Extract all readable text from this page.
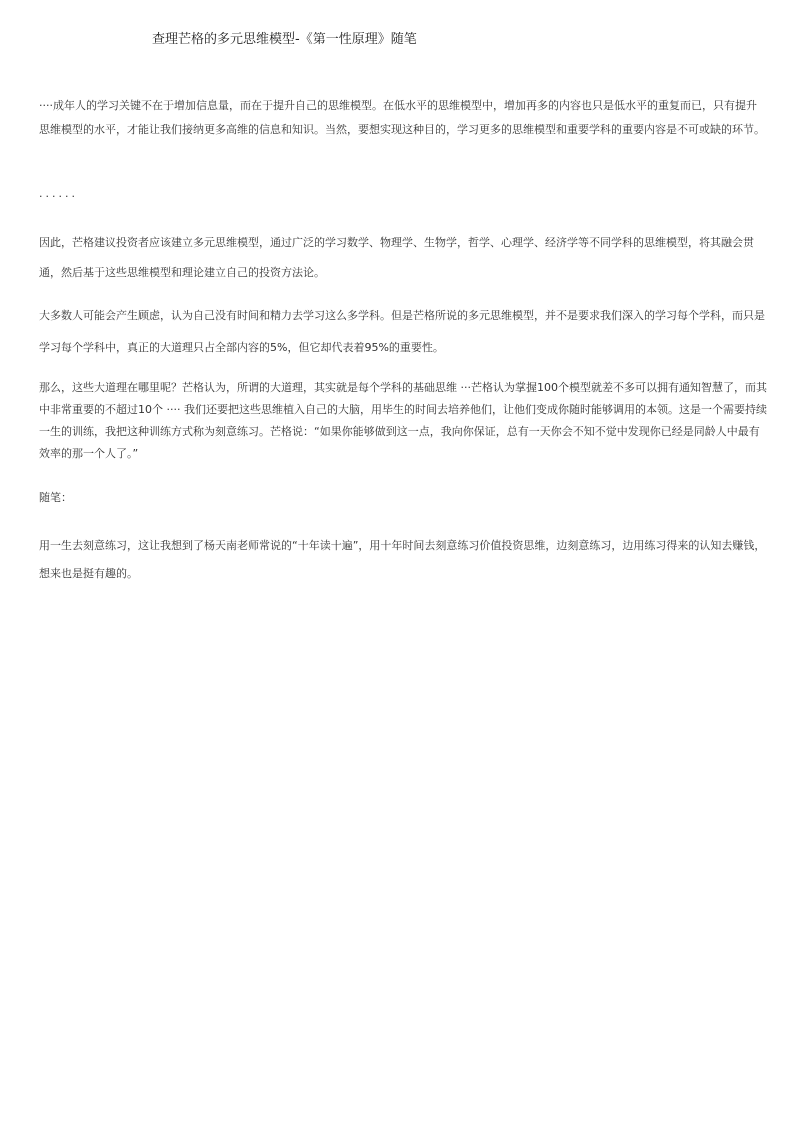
查理芒格的多元思维模型-《第一性原理》随笔

····成年人的学习关键不在于增加信息量，而在于提升自己的思维模型。在低水平的思维模型中，增加再多的内容也只是低水平的重复而已，只有提升思维模型的水平，才能让我们接纳更多高维的信息和知识。当然，要想实现这种目的，学习更多的思维模型和重要学科的重要内容是不可或缺的环节。

······

因此，芒格建议投资者应该建立多元思维模型，通过广泛的学习数学、物理学、生物学，哲学、心理学、经济学等不同学科的思维模型，将其融会贯通，然后基于这些思维模型和理论建立自己的投资方法论。

大多数人可能会产生顾虑，认为自己没有时间和精力去学习这么多学科。但是芒格所说的多元思维模型，并不是要求我们深入的学习每个学科，而只是学习每个学科中，真正的大道理只占全部内容的5%，但它却代表着95%的重要性。

那么，这些大道理在哪里呢？芒格认为，所谓的大道理，其实就是每个学科的基础思维 ···芒格认为掌握100个模型就差不多可以拥有通知智慧了，而其中非常重要的不超过10个 ···· 我们还要把这些思维植入自己的大脑，用毕生的时间去培养他们，让他们变成你随时能够调用的本领。这是一个需要持续一生的训练，我把这种训练方式称为刻意练习。芒格说：“如果你能够做到这一点，我向你保证，总有一天你会不知不觉中发现你已经是同龄人中最有效率的那一个人了。”

随笔：

用一生去刻意练习，这让我想到了杨天南老师常说的“十年读十遍”，用十年时间去刻意练习价值投资思维，边刻意练习，边用练习得来的认知去赚钱，想来也是挺有趣的。
